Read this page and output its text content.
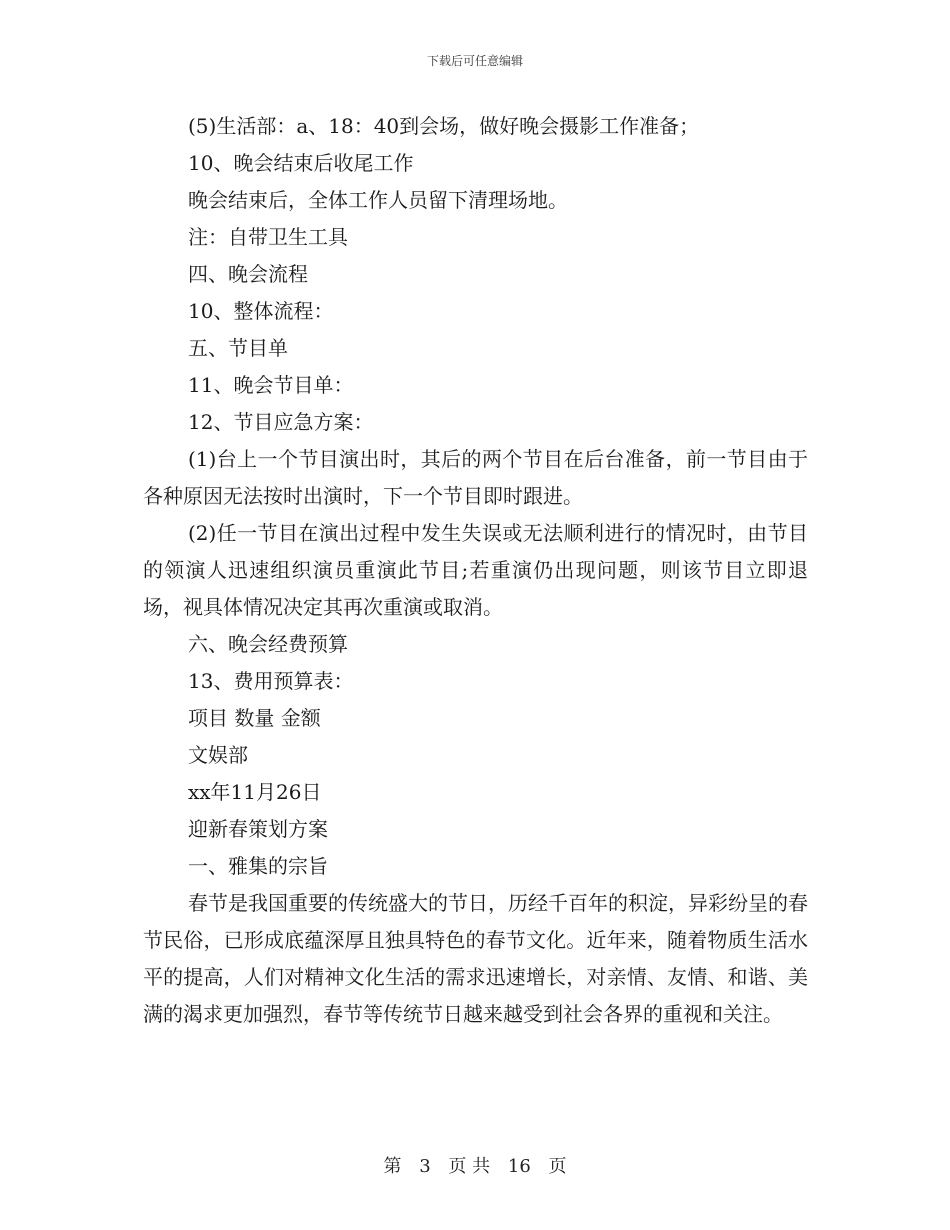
下载后可任意编辑

(5)生活部：a、18：40到会场，做好晚会摄影工作准备；

10、晚会结束后收尾工作

晚会结束后，全体工作人员留下清理场地。

注：自带卫生工具

四、晚会流程

10、整体流程：

五、节目单

11、晚会节目单：

12、节目应急方案：

(1)台上一个节目演出时，其后的两个节目在后台准备，前一节目由于各种原因无法按时出演时，下一个节目即时跟进。

(2)任一节目在演出过程中发生失误或无法顺利进行的情况时，由节目的领演人迅速组织演员重演此节目;若重演仍出现问题，则该节目立即退场，视具体情况决定其再次重演或取消。

六、晚会经费预算

13、费用预算表：

项目 数量 金额

文娱部

xx年11月26日

迎新春策划方案

一、雅集的宗旨

春节是我国重要的传统盛大的节日，历经千百年的积淀，异彩纷呈的春节民俗，已形成底蕴深厚且独具特色的春节文化。近年来，随着物质生活水平的提高，人们对精神文化生活的需求迅速增长，对亲情、友情、和谐、美满的渴求更加强烈，春节等传统节日越来越受到社会各界的重视和关注。

第 3 页 共 16 页
